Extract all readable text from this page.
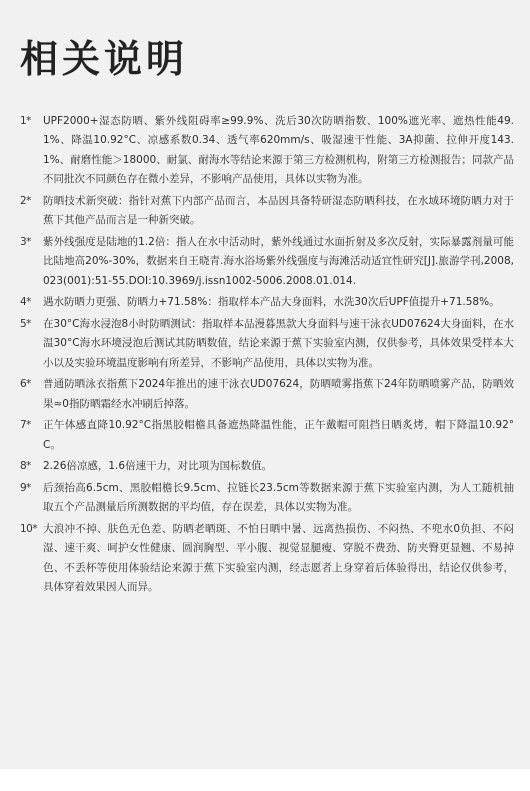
相关说明
1*	UPF2000+湿态防晒、紫外线阻碍率≥99.9%、洗后30次防晒指数、100%遮光率、遮热性能49.1%、降温10.92°C、凉感系数0.34、透气率620mm/s、吸湿速干性能、3A抑菌、拉伸开度143.1%、耐磨性能＞18000、耐氯、耐海水等结论来源于第三方检测机构，附第三方检测报告；同款产品不同批次不同颜色存在微小差异，不影响产品使用，具体以实物为准。
2*	防晒技术新突破：指针对蕉下内部产品而言，本品因具备特研湿态防晒科技，在水域环境防晒力对于蕉下其他产品而言是一种新突破。
3*	紫外线强度是陆地的1.2倍：指人在水中活动时，紫外线通过水面折射及多次反射，实际暴露剂量可能比陆地高20%-30%，数据来自王晓青.海水浴场紫外线强度与海滩活动适宜性研究[J].旅游学刊,2008,023(001):51-55.DOI:10.3969/j.issn1002-5006.2008.01.014.
4*	遇水防晒力更强、防晒力+71.58%：指取样本产品大身面料，水洗30次后UPF值提升+71.58%。
5*	在30°C海水浸泡8小时防晒测试：指取样本品漫暮黑款大身面料与速干泳衣UD07624大身面料，在水温30°C海水环境浸泡后测试其防晒数值，结论来源于蕉下实验室内测，仅供参考，具体效果受样本大小以及实验环境温度影响有所差异，不影响产品使用，具体以实物为准。
6*	普通防晒泳衣指蕉下2024年推出的速干泳衣UD07624，防晒喷雾指蕉下24年防晒喷雾产品，防晒效果≈0指防晒霜经水冲刷后掉落。
7*	正午体感直降10.92°C指黑胶帽檐具备遮热降温性能，正午戴帽可阻挡日晒炙烤，帽下降温10.92°C。
8*	2.26倍凉感，1.6倍速干力，对比项为国标数值。
9*	后颈抬高6.5cm、黑胶帽檐长9.5cm、拉链长23.5cm等数据来源于蕉下实验室内测，为人工随机抽取五个产品测量后所测数据的平均值，存在误差，具体以实物为准。
10* 大浪冲不掉、肤色无色差、防晒老晒斑、不怕日晒中暑、远离热损伤、不闷热、不兜水0负担、不闷湿、速干爽、呵护女性健康、圆润胸型、平小腹、视觉显腿瘦、穿脱不费劲、防夹臀更显翘、不易掉色、不丢杯等使用体验结论来源于蕉下实验室内测，经志愿者上身穿着后体验得出，结论仅供参考，具体穿着效果因人而异。
